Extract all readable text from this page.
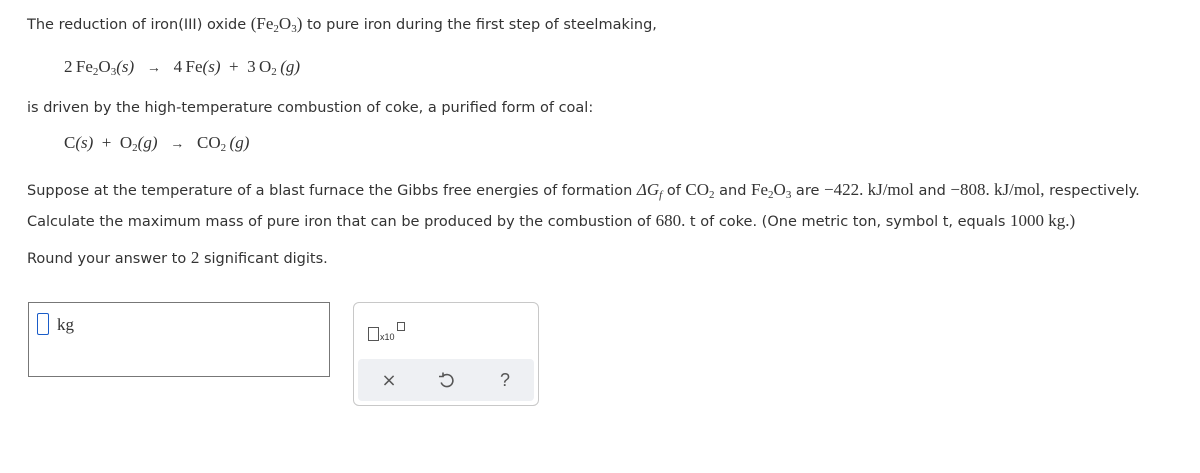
The reduction of iron(III) oxide $(Fe_2O_3)$ to pure iron during the first step of steelmaking,
2  $Fe_2O_3(s) \to 4$  Fe(s) + 3  $O_2$  (g)
is driven by the high-temperature combustion of coke, a purified form of coal:
$C(s) + O_2(g) \to CO_2$  (g)
Suppose at the temperature of a blast furnace the Gibbs free energies of formation $\Delta G_f$ of $CO_2$ and $Fe_2O_3$ are −422. kJ/mol and −808. kJ/mol, respectively.
Calculate the maximum mass of pure iron that can be produced by the combustion of 680. t of coke. (One metric ton, symbol t, equals 1000 kg.)
Round your answer to 2 significant digits.
kg
x10
×	?
